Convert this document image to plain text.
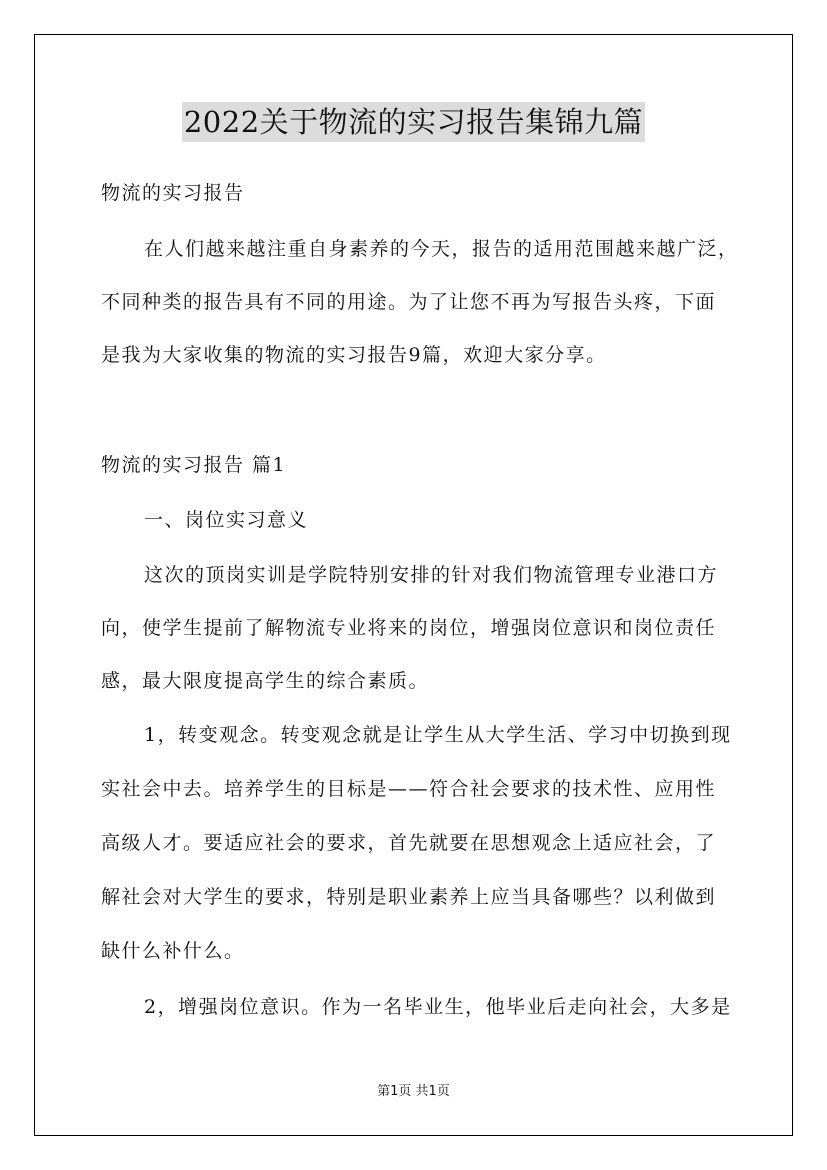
2022关于物流的实习报告集锦九篇
物流的实习报告
在人们越来越注重自身素养的今天，报告的适用范围越来越广泛，
不同种类的报告具有不同的用途。为了让您不再为写报告头疼，下面
是我为大家收集的物流的实习报告9篇，欢迎大家分享。
物流的实习报告 篇1
一、岗位实习意义
这次的顶岗实训是学院特别安排的针对我们物流管理专业港口方
向，使学生提前了解物流专业将来的岗位，增强岗位意识和岗位责任
感，最大限度提高学生的综合素质。
1，转变观念。转变观念就是让学生从大学生活、学习中切换到现
实社会中去。培养学生的目标是——符合社会要求的技术性、应用性
高级人才。要适应社会的要求，首先就要在思想观念上适应社会，了
解社会对大学生的要求，特别是职业素养上应当具备哪些？以利做到
缺什么补什么。
2，增强岗位意识。作为一名毕业生，他毕业后走向社会，大多是
第1页 共1页
